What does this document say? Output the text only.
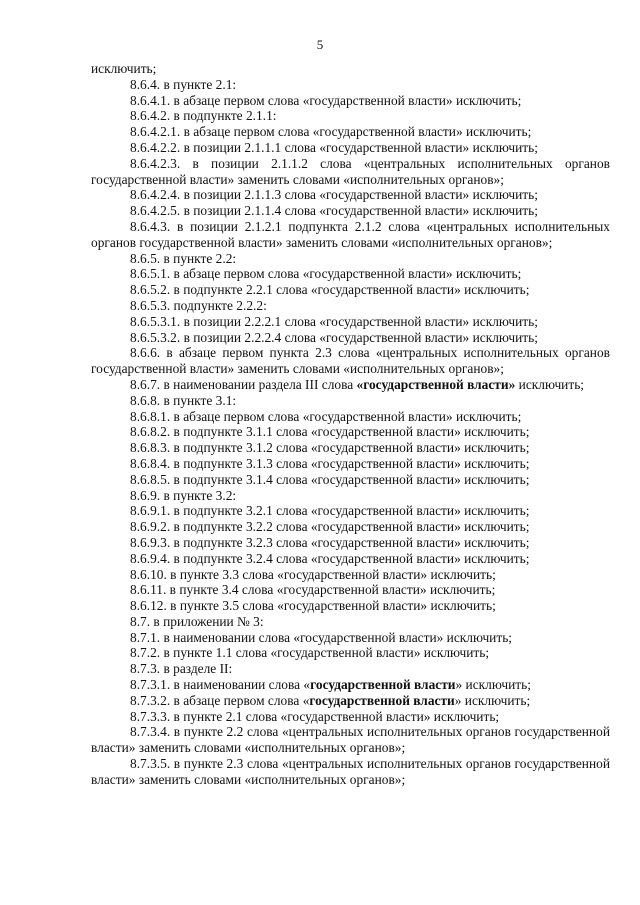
5
исключить;
8.6.4. в пункте 2.1:
8.6.4.1. в абзаце первом слова «государственной власти» исключить;
8.6.4.2. в подпункте 2.1.1:
8.6.4.2.1. в абзаце первом слова «государственной власти» исключить;
8.6.4.2.2. в позиции 2.1.1.1 слова «государственной власти» исключить;
8.6.4.2.3. в позиции 2.1.1.2 слова «центральных исполнительных органов государственной власти» заменить словами «исполнительных органов»;
8.6.4.2.4. в позиции 2.1.1.3 слова «государственной власти» исключить;
8.6.4.2.5. в позиции 2.1.1.4 слова «государственной власти» исключить;
8.6.4.3. в позиции 2.1.2.1 подпункта 2.1.2 слова «центральных исполнительных органов государственной власти» заменить словами «исполнительных органов»;
8.6.5. в пункте 2.2:
8.6.5.1. в абзаце первом слова «государственной власти» исключить;
8.6.5.2. в подпункте 2.2.1 слова «государственной власти» исключить;
8.6.5.3. подпункте 2.2.2:
8.6.5.3.1. в позиции 2.2.2.1 слова «государственной власти» исключить;
8.6.5.3.2. в позиции 2.2.2.4 слова «государственной власти» исключить;
8.6.6. в абзаце первом пункта 2.3 слова «центральных исполнительных органов государственной власти» заменить словами «исполнительных органов»;
8.6.7. в наименовании раздела III слова «государственной власти» исключить;
8.6.8. в пункте 3.1:
8.6.8.1. в абзаце первом слова «государственной власти» исключить;
8.6.8.2. в подпункте 3.1.1 слова «государственной власти» исключить;
8.6.8.3. в подпункте 3.1.2 слова «государственной власти» исключить;
8.6.8.4. в подпункте 3.1.3 слова «государственной власти» исключить;
8.6.8.5. в подпункте 3.1.4 слова «государственной власти» исключить;
8.6.9. в пункте 3.2:
8.6.9.1. в подпункте 3.2.1 слова «государственной власти» исключить;
8.6.9.2. в подпункте 3.2.2 слова «государственной власти» исключить;
8.6.9.3. в подпункте 3.2.3 слова «государственной власти» исключить;
8.6.9.4. в подпункте 3.2.4 слова «государственной власти» исключить;
8.6.10. в пункте 3.3 слова «государственной власти» исключить;
8.6.11. в пункте 3.4 слова «государственной власти» исключить;
8.6.12. в пункте 3.5 слова «государственной власти» исключить;
8.7. в приложении № 3:
8.7.1. в наименовании слова «государственной власти» исключить;
8.7.2. в пункте 1.1 слова «государственной власти» исключить;
8.7.3. в разделе II:
8.7.3.1. в наименовании слова «государственной власти» исключить;
8.7.3.2. в абзаце первом слова «государственной власти» исключить;
8.7.3.3. в пункте 2.1 слова «государственной власти» исключить;
8.7.3.4. в пункте 2.2 слова «центральных исполнительных органов государственной власти» заменить словами «исполнительных органов»;
8.7.3.5. в пункте 2.3 слова «центральных исполнительных органов государственной власти» заменить словами «исполнительных органов»;
